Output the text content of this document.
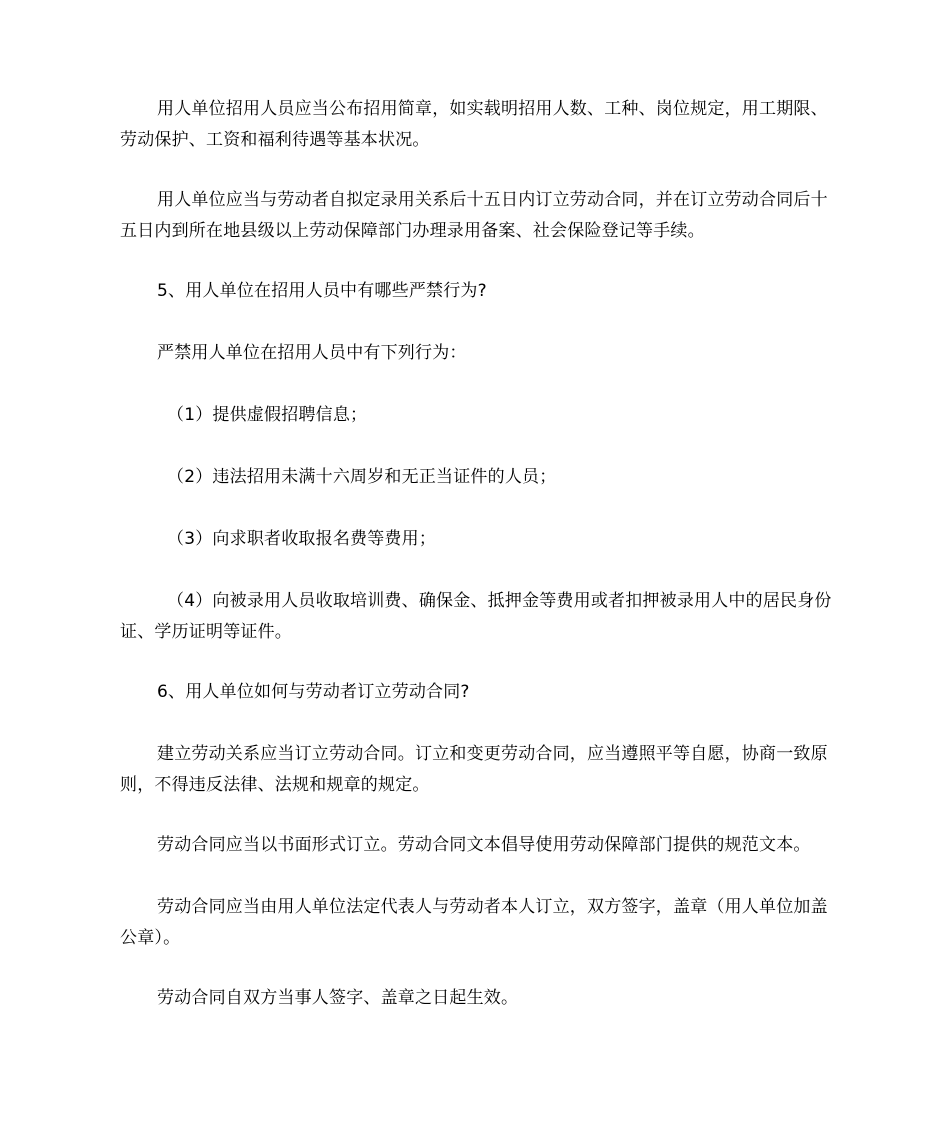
用人单位招用人员应当公布招用简章，如实载明招用人数、工种、岗位规定，用工期限、劳动保护、工资和福利待遇等基本状况。

用人单位应当与劳动者自拟定录用关系后十五日内订立劳动合同，并在订立劳动合同后十五日内到所在地县级以上劳动保障部门办理录用备案、社会保险登记等手续。

5、用人单位在招用人员中有哪些严禁行为?

严禁用人单位在招用人员中有下列行为：

（1）提供虚假招聘信息；

（2）违法招用未满十六周岁和无正当证件的人员；

（3）向求职者收取报名费等费用；

（4）向被录用人员收取培训费、确保金、抵押金等费用或者扣押被录用人中的居民身份证、学历证明等证件。

6、用人单位如何与劳动者订立劳动合同?

建立劳动关系应当订立劳动合同。订立和变更劳动合同，应当遵照平等自愿，协商一致原则，不得违反法律、法规和规章的规定。

劳动合同应当以书面形式订立。劳动合同文本倡导使用劳动保障部门提供的规范文本。

劳动合同应当由用人单位法定代表人与劳动者本人订立，双方签字，盖章（用人单位加盖公章）。

劳动合同自双方当事人签字、盖章之日起生效。
